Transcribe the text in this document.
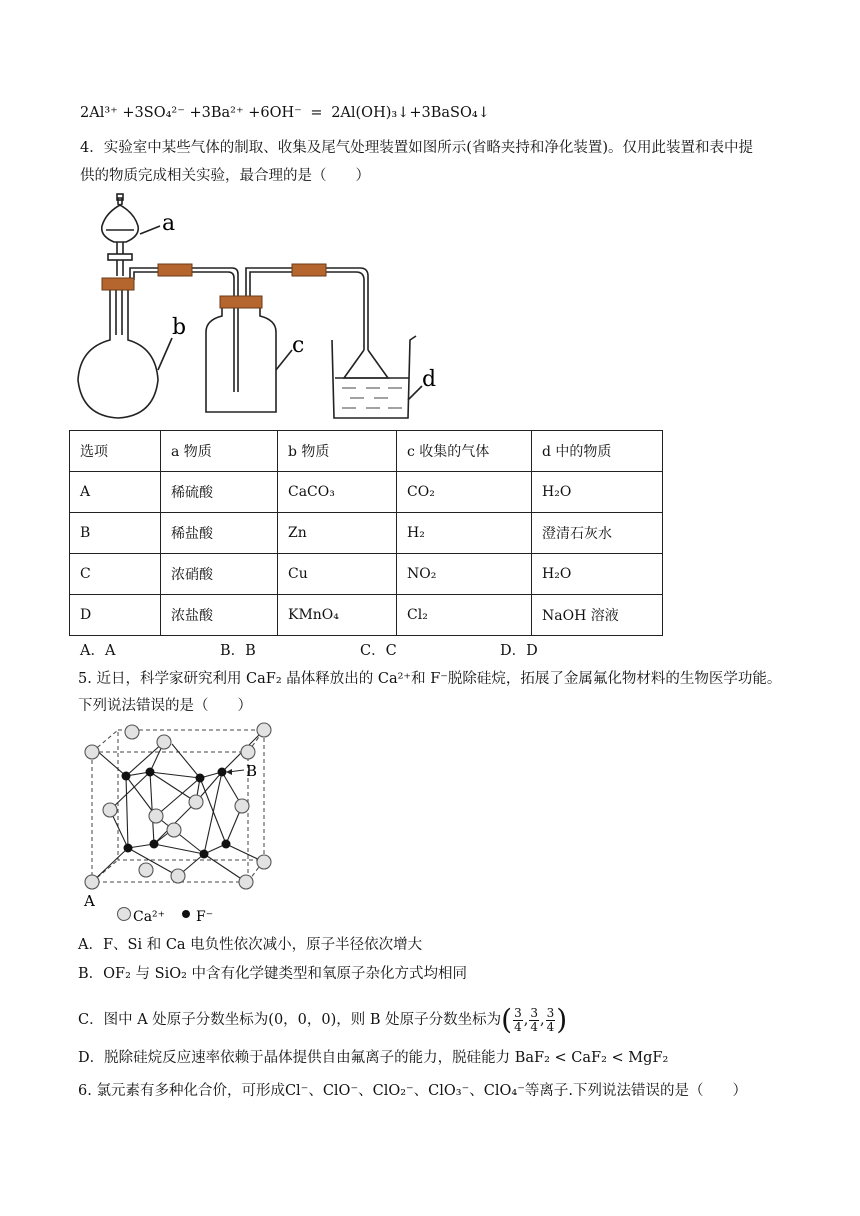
2Al³⁺ +3SO₄²⁻ +3Ba²⁺ +6OH⁻ = 2Al(OH)₃↓+3BaSO₄↓
4．实验室中某些气体的制取、收集及尾气处理装置如图所示(省略夹持和净化装置)。仅用此装置和表中提
供的物质完成相关实验，最合理的是（　　）
a
b
c
d
选项	a 物质	b 物质	c 收集的气体	d 中的物质
A	稀硫酸	CaCO₃	CO₂	H₂O
B	稀盐酸	Zn	H₂	澄清石灰水
C	浓硝酸	Cu	NO₂	H₂O
D	浓盐酸	KMnO₄	Cl₂	NaOH 溶液
A．A	B．B	C．C	D．D
5. 近日，科学家研究利用 CaF₂ 晶体释放出的 Ca²⁺和 F⁻脱除硅烷，拓展了金属氟化物材料的生物医学功能。
下列说法错误的是（　　）
B
A
Ca²⁺ F⁻
A．F、Si 和 Ca 电负性依次减小，原子半径依次增大
B．OF₂ 与 SiO₂ 中含有化学键类型和氧原子杂化方式均相同
C．图中 A 处原子分数坐标为(0，0，0)，则 B 处原子分数坐标为( $\frac{3}{4}$ , $\frac{3}{4}$ , $\frac{3}{4}$ )
D．脱除硅烷反应速率依赖于晶体提供自由氟离子的能力，脱硅能力 BaF₂ < CaF₂ < MgF₂
6. 氯元素有多种化合价，可形成Cl⁻、ClO⁻、ClO₂⁻、ClO₃⁻、ClO₄⁻等离子.下列说法错误的是（　　）
